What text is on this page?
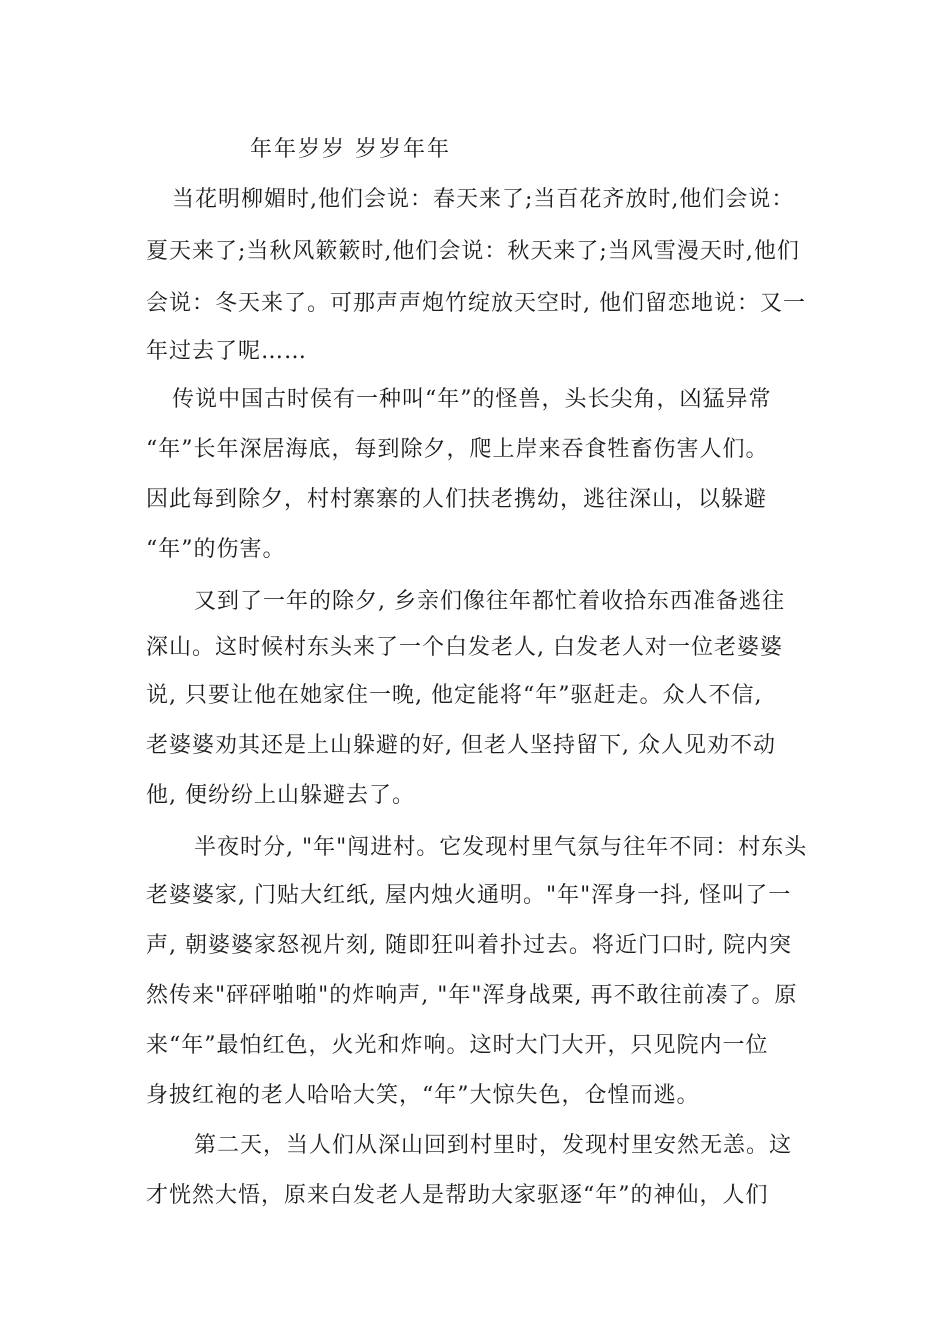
年年岁岁 岁岁年年
当花明柳媚时,他们会说：春天来了;当百花齐放时,他们会说：
夏天来了;当秋风簌簌时,他们会说：秋天来了;当风雪漫天时,他们
会说：冬天来了。可那声声炮竹绽放天空时, 他们留恋地说：又一
年过去了呢……
传说中国古时侯有一种叫“年”的怪兽，头长尖角，凶猛异常
“年”长年深居海底，每到除夕，爬上岸来吞食牲畜伤害人们。
因此每到除夕，村村寨寨的人们扶老携幼，逃往深山，以躲避
“年”的伤害。
又到了一年的除夕, 乡亲们像往年都忙着收拾东西准备逃往
深山。这时候村东头来了一个白发老人, 白发老人对一位老婆婆
说, 只要让他在她家住一晚, 他定能将“年”驱赶走。众人不信,
老婆婆劝其还是上山躲避的好, 但老人坚持留下, 众人见劝不动
他, 便纷纷上山躲避去了。
半夜时分, "年"闯进村。它发现村里气氛与往年不同：村东头
老婆婆家, 门贴大红纸, 屋内烛火通明。"年"浑身一抖, 怪叫了一
声, 朝婆婆家怒视片刻, 随即狂叫着扑过去。将近门口时, 院内突
然传来"砰砰啪啪"的炸响声, "年"浑身战栗, 再不敢往前凑了。原
来“年”最怕红色，火光和炸响。这时大门大开，只见院内一位
身披红袍的老人哈哈大笑，“年”大惊失色，仓惶而逃。
第二天，当人们从深山回到村里时，发现村里安然无恙。这
才恍然大悟，原来白发老人是帮助大家驱逐“年”的神仙，人们
